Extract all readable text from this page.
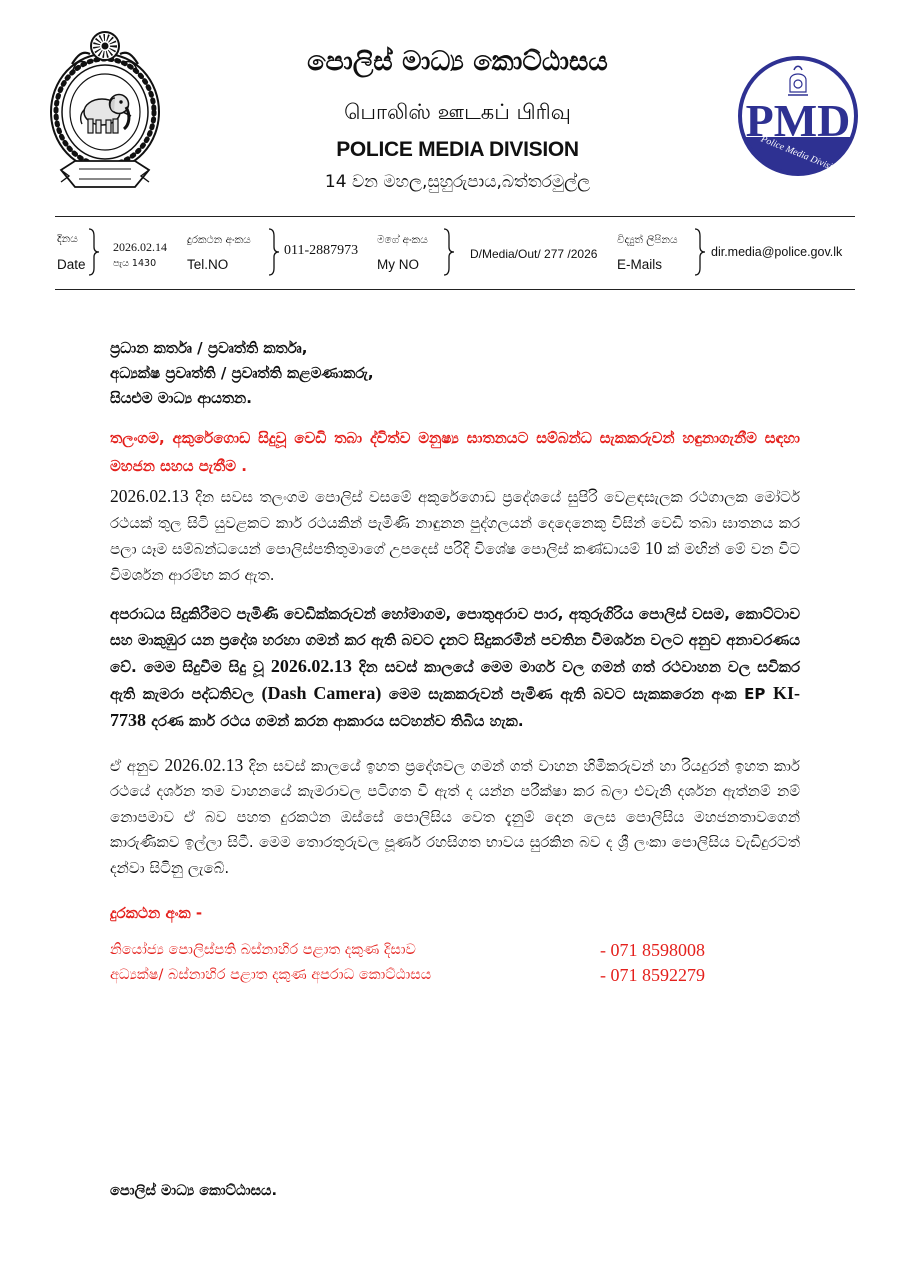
පොලිස් මාධ්‍ය කොට්ඨාසය
பொலிஸ் ஊடகப் பிரிவு
POLICE MEDIA DIVISION
14 වන මහල,සුහුරුපාය,බත්තරමුල්ල
PMD
Police Media Division
SRI LANKA POLICE
දිනය
Date
2026.02.14
පැය 1430
දුරකථන අංකය
Tel.NO
011-2887973
මගේ අංකය
My NO
D/Media/Out/ 277 /2026
විද්‍යුත් ලිපිනය
E-Mails
dir.media@police.gov.lk
ප්‍රධාන කර්තෘ / ප්‍රවෘත්ති කර්තෘ,
අධ්‍යක්ෂ ප්‍රවෘත්ති / ප්‍රවෘත්ති කළමණාකරු,
සියළුම මාධ්‍ය ආයතන.

තලංගම, අකුරේගොඩ සිදුවූ වෙඩි තබා ද්විත්ව මනුෂ්‍ය ඝාතනයට සම්බන්ධ සැකකරුවන් හඳුනාගැනීම සඳහා මහජන සහය පැතීම .

2026.02.13 දින සවස තලංගම පොලිස් වසමේ අකුරේගොඩ ප්‍රදේශයේ සුපිරි වෙළඳසැලක රථගාලක මෝටර් රථයක් තුල සිටි යුවළකට කාර් රථයකින් පැමිණි නාඳුනන පුද්ගලයන් දෙදෙනෙකු විසින් වෙඩි තබා ඝාතනය කර පලා යෑම සම්බන්ධයෙන් පොලිස්පතිතුමාගේ උපදෙස් පරිදි විශේෂ පොලිස් කණ්ඩායම් 10 ක් මඟින් මේ වන විට විමර්ශන ආරම්භ කර ඇත.

අපරාධය සිදුකිරීමට පැමිණි වෙඩික්කරුවන් හෝමාගම, පොතුඅරාව පාර, අතුරුගිරිය පොලිස් වසම, කොට්ටාව සහ මාකුඹුර යන ප්‍රදේශ හරහා ගමන් කර ඇති බවට දැනට සිදුකරමින් පවතින විමර්ශන වලට අනුව අනාවරණය වේ. මෙම සිදුවීම සිදු වූ 2026.02.13 දින සවස් කාලයේ මෙම මාර්ග වල ගමන් ගත් රථවාහන වල සවිකර ඇති කැමරා පද්ධතිවල (Dash Camera) මෙම සැකකරුවන් පැමිණ ඇති බවට සැකකරෙන අංක EP KI-7738 දරණ කාර් රථය ගමන් කරන ආකාරය සටහන්ව තිබිය හැක.

ඒ අනුව 2026.02.13 දින සවස් කාලයේ ඉහත ප්‍රදේශවල ගමන් ගත් වාහන හිමිකරුවන් හා රියදුරන් ඉහත කාර් රථයේ දර්ශන තම වාහනයේ කැමරාවල පටිගත වී ඇත් ද යන්න පරීක්ෂා කර බලා එවැනි දර්ශන ඇත්නම් නම් නොපමාව ඒ බව පහත දුරකථන ඔස්සේ පොලිසිය වෙත දැනුම් දෙන ලෙස පොලිසිය මහජනතාවගෙන් කාරුණිකව ඉල්ලා සිටී. මෙම තොරතුරුවල පූර්ණ රහසිගත භාවය සුරකින බව ද ශ්‍රී ලංකා පොලිසිය වැඩිදුරටත් දන්වා සිටිනු ලැබේ.

දුරකථන අංක -
නියෝජ්‍ය පොලිස්පති බස්නාහිර පළාත දකුණ දිසාව	- 071 8598008
අධ්‍යක්ෂ/ බස්නාහිර පළාත දකුණ අපරාධ කොට්ඨාසය	- 071 8592279
පොලිස් මාධ්‍ය කොට්ඨාසය.
